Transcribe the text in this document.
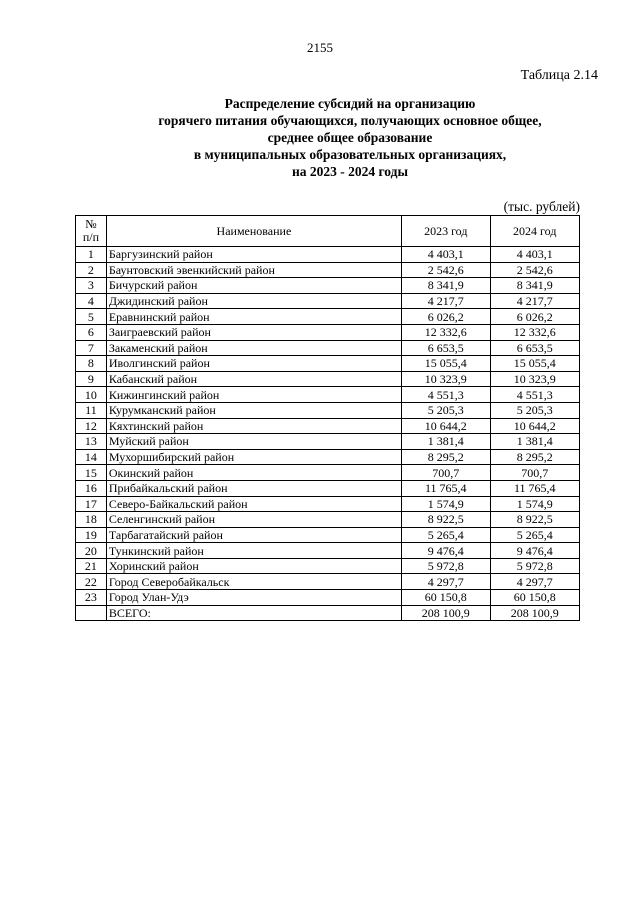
2155
Таблица 2.14
Распределение субсидий на организацию
горячего питания обучающихся, получающих основное общее,
среднее общее образование
в муниципальных образовательных организациях,
на 2023 - 2024 годы
(тыс. рублей)
№
п/п	Наименование	2023 год	2024 год
1	Баргузинский район	4 403,1	4 403,1
2	Баунтовский эвенкийский район	2 542,6	2 542,6
3	Бичурский район	8 341,9	8 341,9
4	Джидинский район	4 217,7	4 217,7
5	Еравнинский район	6 026,2	6 026,2
6	Заиграевский район	12 332,6	12 332,6
7	Закаменский район	6 653,5	6 653,5
8	Иволгинский район	15 055,4	15 055,4
9	Кабанский район	10 323,9	10 323,9
10	Кижингинский район	4 551,3	4 551,3
11	Курумканский район	5 205,3	5 205,3
12	Кяхтинский район	10 644,2	10 644,2
13	Муйский район	1 381,4	1 381,4
14	Мухоршибирский район	8 295,2	8 295,2
15	Окинский район	700,7	700,7
16	Прибайкальский район	11 765,4	11 765,4
17	Северо-Байкальский район	1 574,9	1 574,9
18	Селенгинский район	8 922,5	8 922,5
19	Тарбагатайский район	5 265,4	5 265,4
20	Тункинский район	9 476,4	9 476,4
21	Хоринский район	5 972,8	5 972,8
22	Город Северобайкальск	4 297,7	4 297,7
23	Город Улан-Удэ	60 150,8	60 150,8
	ВСЕГО:	208 100,9	208 100,9
